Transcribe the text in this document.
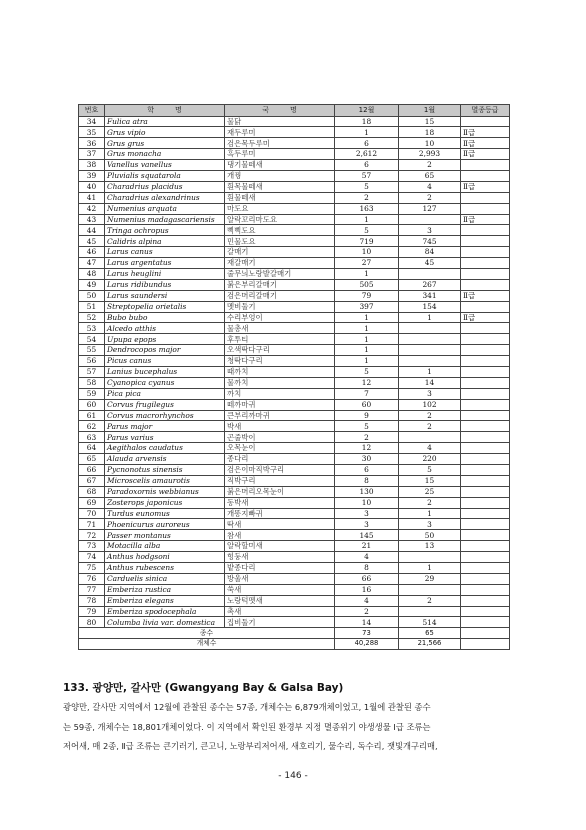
번호	학　　　명	국　　　명	12월	1월	멸종등급
34	Fulica atra	물닭	18	15	
35	Grus vipio	재두루미	1	18	Ⅱ급
36	Grus grus	검은목두루미	6	10	Ⅱ급
37	Grus monacha	흑두루미	2,612	2,993	Ⅱ급
38	Vanellus vanellus	댕기물떼새	6	2	
39	Pluvialis squatarola	개꿩	57	65	
40	Charadrius placidus	흰목물떼새	5	4	Ⅱ급
41	Charadrius alexandrinus	흰물떼새	2	2	
42	Numenius arquata	마도요	163	127	
43	Numenius madagascariensis	알락꼬리마도요	1		Ⅱ급
44	Tringa ochropus	삑삑도요	5	3	
45	Calidris alpina	민물도요	719	745	
46	Larus canus	갈매기	10	84	
47	Larus argentatus	재갈매기	27	45	
48	Larus heuglini	줄무늬노랑발갈매기	1		
49	Larus ridibundus	붉은부리갈매기	505	267	
50	Larus saundersi	검은머리갈매기	79	341	Ⅱ급
51	Streptopelia orietalis	멧비둘기	397	154	
52	Bubo bubo	수리부엉이	1	1	Ⅱ급
53	Alcedo atthis	물총새	1		
54	Upupa epops	후투티	1		
55	Dendrocopos major	오색딱다구리	1		
56	Picus canus	청딱다구리	1		
57	Lanius bucephalus	때까치	5	1	
58	Cyanopica cyanus	물까치	12	14	
59	Pica pica	까치	7	3	
60	Corvus frugilegus	떼까마귀	60	102	
61	Corvus macrorhynchos	큰부리까마귀	9	2	
62	Parus major	박새	5	2	
63	Parus varius	곤줄박이	2		
64	Aegithalos caudatus	오목눈이	12	4	
65	Alauda arvensis	종다리	30	220	
66	Pycnonotus sinensis	검은이마직박구리	6	5	
67	Microscelis amaurotis	직박구리	8	15	
68	Paradoxornis webbianus	붉은머리오목눈이	130	25	
69	Zosterops japonicus	동박새	10	2	
70	Turdus eunomus	개똥지빠귀	3	1	
71	Phoenicurus auroreus	딱새	3	3	
72	Passer montanus	참새	145	50	
73	Motacilla alba	알락할미새	21	13	
74	Anthus hodgsoni	힝둥새	4		
75	Anthus rubescens	밭종다리	8	1	
76	Carduelis sinica	방울새	66	29	
77	Emberiza rustica	쑥새	16		
78	Emberiza elegans	노랑턱멧새	4	2	
79	Emberiza spodocephala	촉새	2		
80	Columba livia var. domestica	집비둘기	14	514	
종수			73	65	
개체수			40,288	21,566	
133. 광양만, 갈사만 (Gwangyang Bay & Galsa Bay)
광양만, 갈사만 지역에서 12월에 관찰된 종수는 57종, 개체수는 6,879개체이었고, 1월에 관찰된 종수
는 59종, 개체수는 18,801개체이었다. 이 지역에서 확인된 환경부 지정 멸종위기 야생생물 Ⅰ급 조류는
저어새, 매 2종, Ⅱ급 조류는 큰기러기, 큰고니, 노랑부리저어새, 새호리기, 물수리, 독수리, 잿빛개구리매,
- 146 -
